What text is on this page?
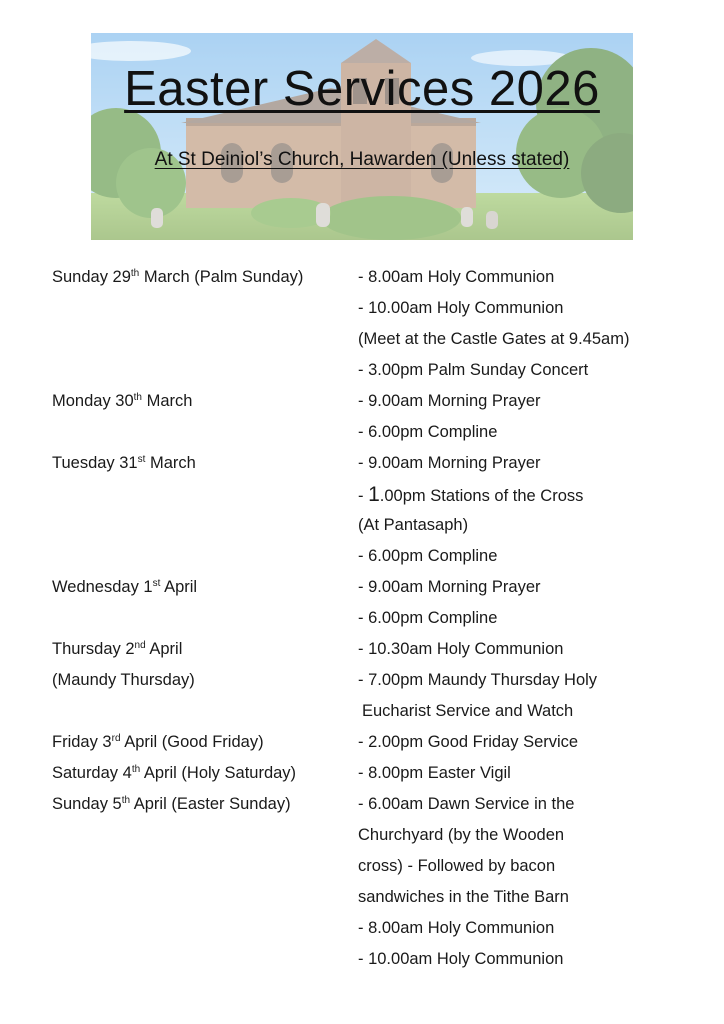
Easter Services 2026
At St Deiniol’s Church, Hawarden (Unless stated)
Sunday 29th March (Palm Sunday)	- 8.00am Holy Communion
- 10.00am Holy Communion
(Meet at the Castle Gates at 9.45am)
- 3.00pm Palm Sunday Concert
Monday 30th March	- 9.00am Morning Prayer
- 6.00pm Compline
Tuesday 31st March	- 9.00am Morning Prayer
- 1.00pm Stations of the Cross
(At Pantasaph)
- 6.00pm Compline
Wednesday 1st April	- 9.00am Morning Prayer
- 6.00pm Compline
Thursday 2nd April	- 10.30am Holy Communion
(Maundy Thursday)	- 7.00pm Maundy Thursday Holy
Eucharist Service and Watch
Friday 3rd April (Good Friday)	- 2.00pm Good Friday Service
Saturday 4th April (Holy Saturday)	- 8.00pm Easter Vigil
Sunday 5th April (Easter Sunday)	- 6.00am Dawn Service in the
Churchyard (by the Wooden
cross) - Followed by bacon
sandwiches in the Tithe Barn
- 8.00am Holy Communion
- 10.00am Holy Communion
